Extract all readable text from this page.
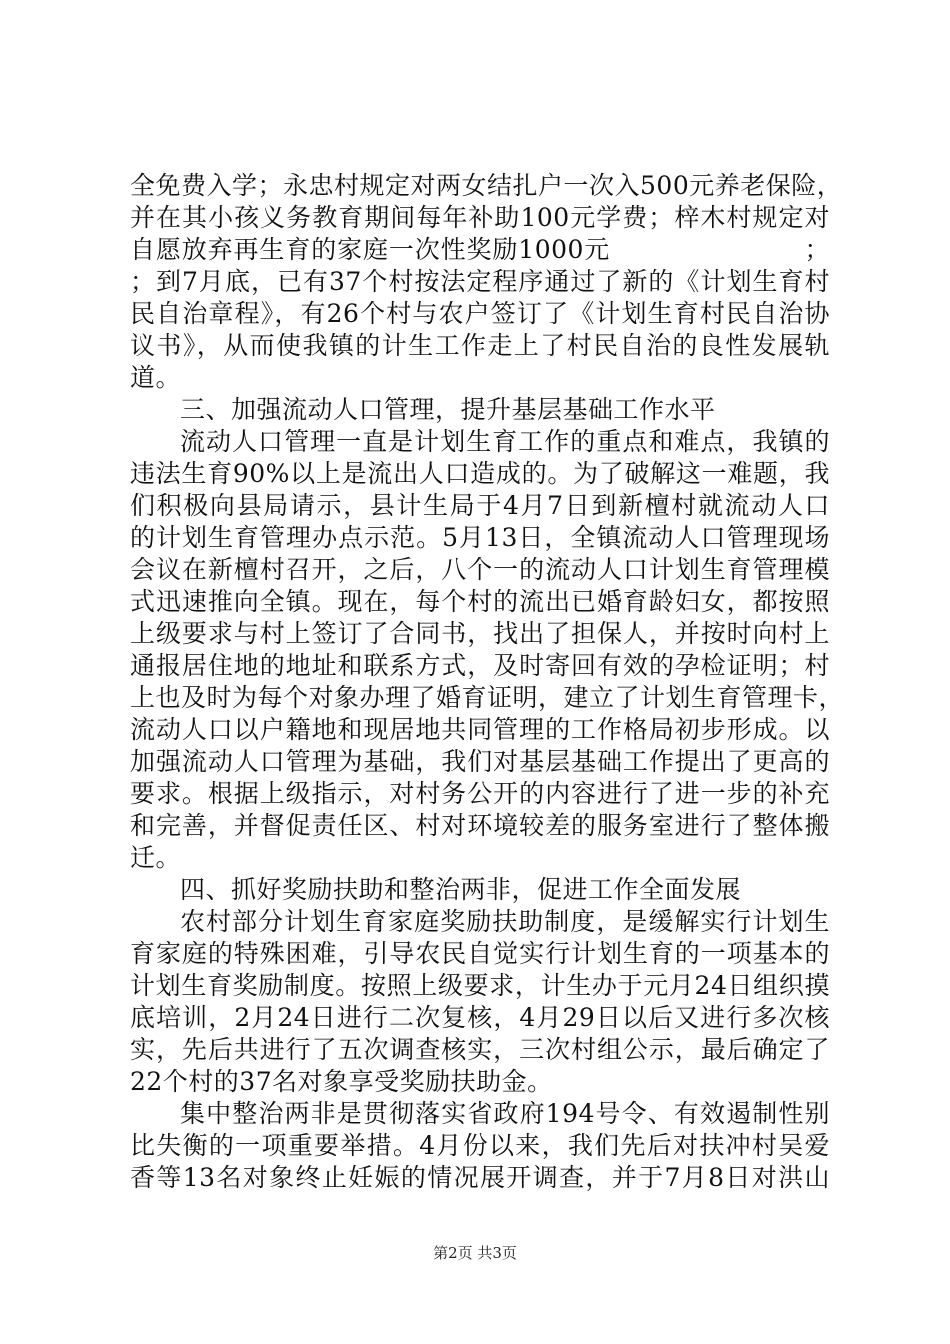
全免费入学；永忠村规定对两女结扎户一次入500元养老保险，
并在其小孩义务教育期间每年补助100元学费；梓木村规定对
自愿放弃再生育的家庭一次性奖励1000元                      ；
；到7月底，已有37个村按法定程序通过了新的《计划生育村
民自治章程》，有26个村与农户签订了《计划生育村民自治协
议书》，从而使我镇的计生工作走上了村民自治的良性发展轨
道。
三、加强流动人口管理，提升基层基础工作水平
流动人口管理一直是计划生育工作的重点和难点，我镇的
违法生育90%以上是流出人口造成的。为了破解这一难题，我
们积极向县局请示，县计生局于4月7日到新檀村就流动人口
的计划生育管理办点示范。5月13日，全镇流动人口管理现场
会议在新檀村召开，之后，八个一的流动人口计划生育管理模
式迅速推向全镇。现在，每个村的流出已婚育龄妇女，都按照
上级要求与村上签订了合同书，找出了担保人，并按时向村上
通报居住地的地址和联系方式，及时寄回有效的孕检证明；村
上也及时为每个对象办理了婚育证明，建立了计划生育管理卡，
流动人口以户籍地和现居地共同管理的工作格局初步形成。以
加强流动人口管理为基础，我们对基层基础工作提出了更高的
要求。根据上级指示，对村务公开的内容进行了进一步的补充
和完善，并督促责任区、村对环境较差的服务室进行了整体搬
迁。
四、抓好奖励扶助和整治两非，促进工作全面发展
农村部分计划生育家庭奖励扶助制度，是缓解实行计划生
育家庭的特殊困难，引导农民自觉实行计划生育的一项基本的
计划生育奖励制度。按照上级要求，计生办于元月24日组织摸
底培训，2月24日进行二次复核，4月29日以后又进行多次核
实，先后共进行了五次调查核实，三次村组公示，最后确定了
22个村的37名对象享受奖励扶助金。
集中整治两非是贯彻落实省政府194号令、有效遏制性别
比失衡的一项重要举措。4月份以来，我们先后对扶冲村吴爱
香等13名对象终止妊娠的情况展开调查，并于7月8日对洪山
第2页 共3页
